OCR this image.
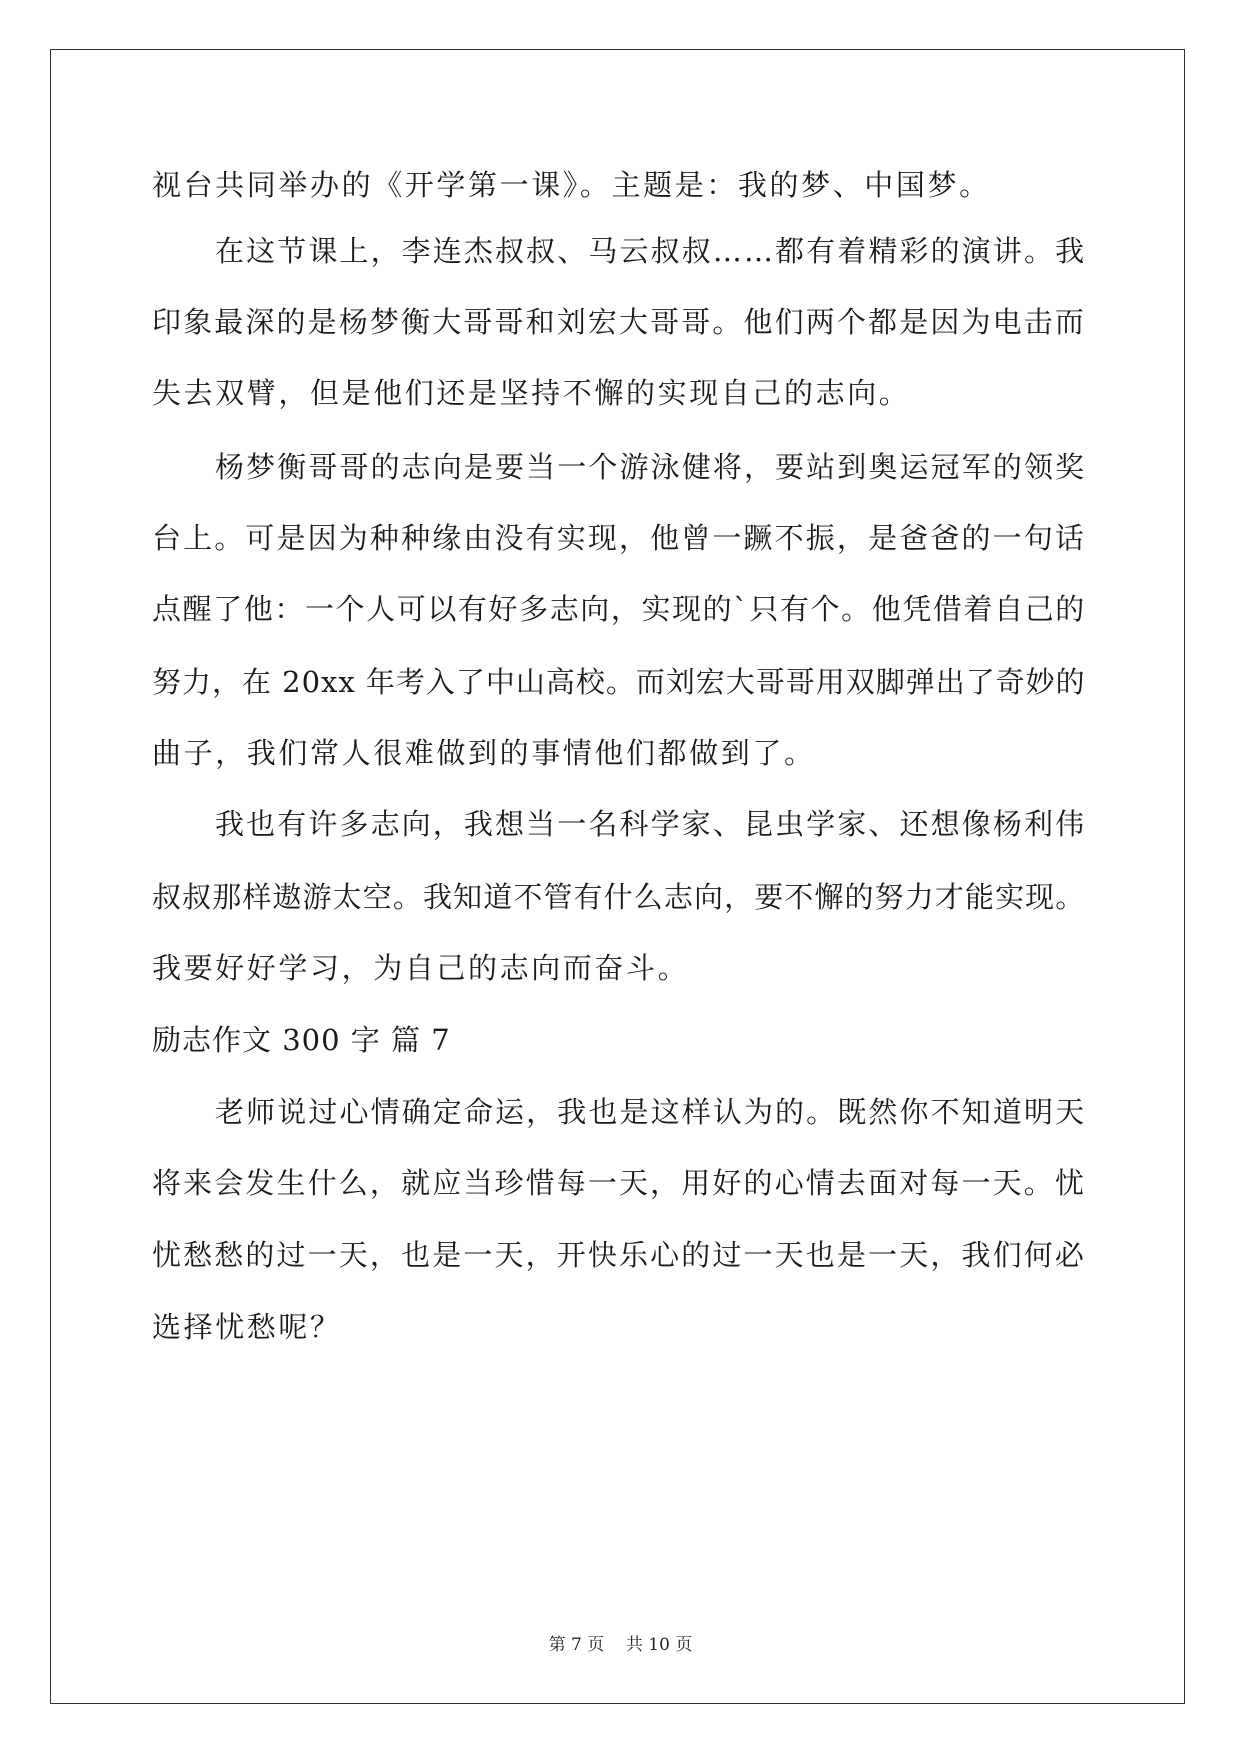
视台共同举办的《开学第一课》。主题是：我的梦、中国梦。
在这节课上，李连杰叔叔、马云叔叔……都有着精彩的演讲。我
印象最深的是杨梦衡大哥哥和刘宏大哥哥。他们两个都是因为电击而
失去双臂，但是他们还是坚持不懈的实现自己的志向。
杨梦衡哥哥的志向是要当一个游泳健将，要站到奥运冠军的领奖
台上。可是因为种种缘由没有实现，他曾一蹶不振，是爸爸的一句话
点醒了他：一个人可以有好多志向，实现的`只有个。他凭借着自己的
努力，在 20xx 年考入了中山高校。而刘宏大哥哥用双脚弹出了奇妙的
曲子，我们常人很难做到的事情他们都做到了。
我也有许多志向，我想当一名科学家、昆虫学家、还想像杨利伟
叔叔那样遨游太空。我知道不管有什么志向，要不懈的努力才能实现。
我要好好学习，为自己的志向而奋斗。
励志作文 300 字 篇 7
老师说过心情确定命运，我也是这样认为的。既然你不知道明天
将来会发生什么，就应当珍惜每一天，用好的心情去面对每一天。忧
忧愁愁的过一天，也是一天，开快乐心的过一天也是一天，我们何必
选择忧愁呢？
第 7 页    共 10 页
